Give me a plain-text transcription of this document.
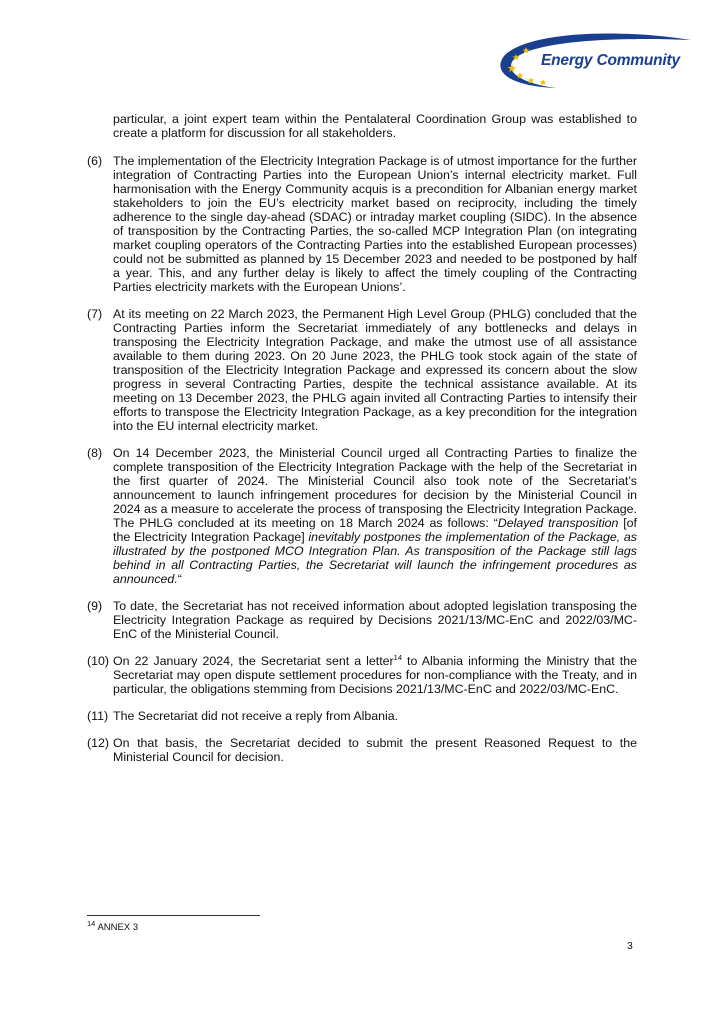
Energy Community

particular, a joint expert team within the Pentalateral Coordination Group was established to create a platform for discussion for all stakeholders.

(6) The implementation of the Electricity Integration Package is of utmost importance for the further integration of Contracting Parties into the European Union’s internal electricity market. Full harmonisation with the Energy Community acquis is a precondition for Albanian energy market stakeholders to join the EU’s electricity market based on reciprocity, including the timely adherence to the single day-ahead (SDAC) or intraday market coupling (SIDC). In the absence of transposition by the Contracting Parties, the so-called MCP Integration Plan (on integrating market coupling operators of the Contracting Parties into the established European processes) could not be submitted as planned by 15 December 2023 and needed to be postponed by half a year. This, and any further delay is likely to affect the timely coupling of the Contracting Parties electricity markets with the European Unions’.

(7) At its meeting on 22 March 2023, the Permanent High Level Group (PHLG) concluded that the Contracting Parties inform the Secretariat immediately of any bottlenecks and delays in transposing the Electricity Integration Package, and make the utmost use of all assistance available to them during 2023. On 20 June 2023, the PHLG took stock again of the state of transposition of the Electricity Integration Package and expressed its concern about the slow progress in several Contracting Parties, despite the technical assistance available. At its meeting on 13 December 2023, the PHLG again invited all Contracting Parties to intensify their efforts to transpose the Electricity Integration Package, as a key precondition for the integration into the EU internal electricity market.

(8) On 14 December 2023, the Ministerial Council urged all Contracting Parties to finalize the complete transposition of the Electricity Integration Package with the help of the Secretariat in the first quarter of 2024. The Ministerial Council also took note of the Secretariat’s announcement to launch infringement procedures for decision by the Ministerial Council in 2024 as a measure to accelerate the process of transposing the Electricity Integration Package. The PHLG concluded at its meeting on 18 March 2024 as follows: “Delayed transposition [of the Electricity Integration Package] inevitably postpones the implementation of the Package, as illustrated by the postponed MCO Integration Plan. As transposition of the Package still lags behind in all Contracting Parties, the Secretariat will launch the infringement procedures as announced.“

(9) To date, the Secretariat has not received information about adopted legislation transposing the Electricity Integration Package as required by Decisions 2021/13/MC-EnC and 2022/03/MC-EnC of the Ministerial Council.

(10) On 22 January 2024, the Secretariat sent a letter$^{14}$ to Albania informing the Ministry that the Secretariat may open dispute settlement procedures for non-compliance with the Treaty, and in particular, the obligations stemming from Decisions 2021/13/MC-EnC and 2022/03/MC-EnC.

(11) The Secretariat did not receive a reply from Albania.

(12) On that basis, the Secretariat decided to submit the present Reasoned Request to the Ministerial Council for decision.

$^{14}$ ANNEX 3
3
